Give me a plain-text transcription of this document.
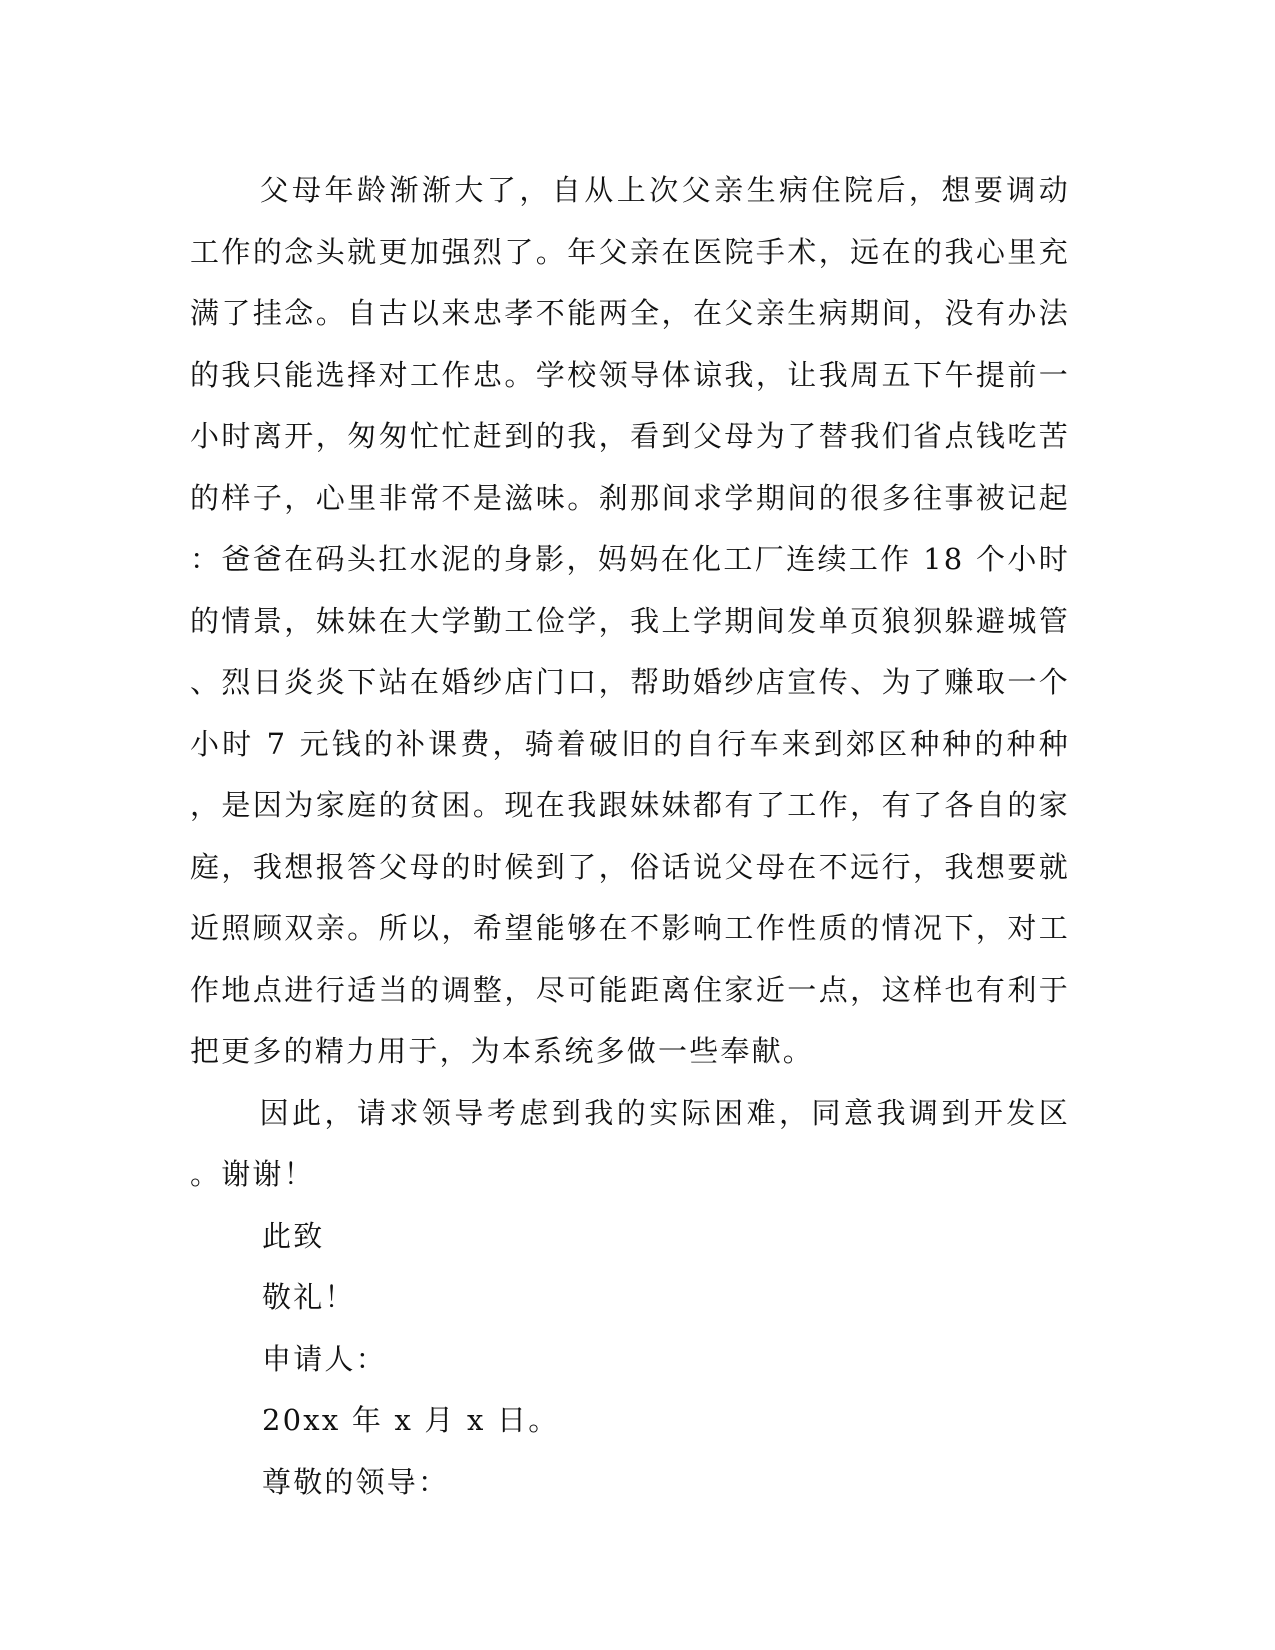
父母年龄渐渐大了，自从上次父亲生病住院后，想要调动工作的念头就更加强烈了。年父亲在医院手术，远在的我心里充满了挂念。自古以来忠孝不能两全，在父亲生病期间，没有办法的我只能选择对工作忠。学校领导体谅我，让我周五下午提前一小时离开，匆匆忙忙赶到的我，看到父母为了替我们省点钱吃苦的样子，心里非常不是滋味。刹那间求学期间的很多往事被记起：爸爸在码头扛水泥的身影，妈妈在化工厂连续工作 18 个小时的情景，妹妹在大学勤工俭学，我上学期间发单页狼狈躲避城管、烈日炎炎下站在婚纱店门口，帮助婚纱店宣传、为了赚取一个小时 7 元钱的补课费，骑着破旧的自行车来到郊区种种的种种，是因为家庭的贫困。现在我跟妹妹都有了工作，有了各自的家庭，我想报答父母的时候到了，俗话说父母在不远行，我想要就近照顾双亲。所以，希望能够在不影响工作性质的情况下，对工作地点进行适当的调整，尽可能距离住家近一点，这样也有利于把更多的精力用于，为本系统多做一些奉献。

因此，请求领导考虑到我的实际困难，同意我调到开发区。谢谢！

此致

敬礼！

申请人：

20xx 年 x 月 x 日。

尊敬的领导：
